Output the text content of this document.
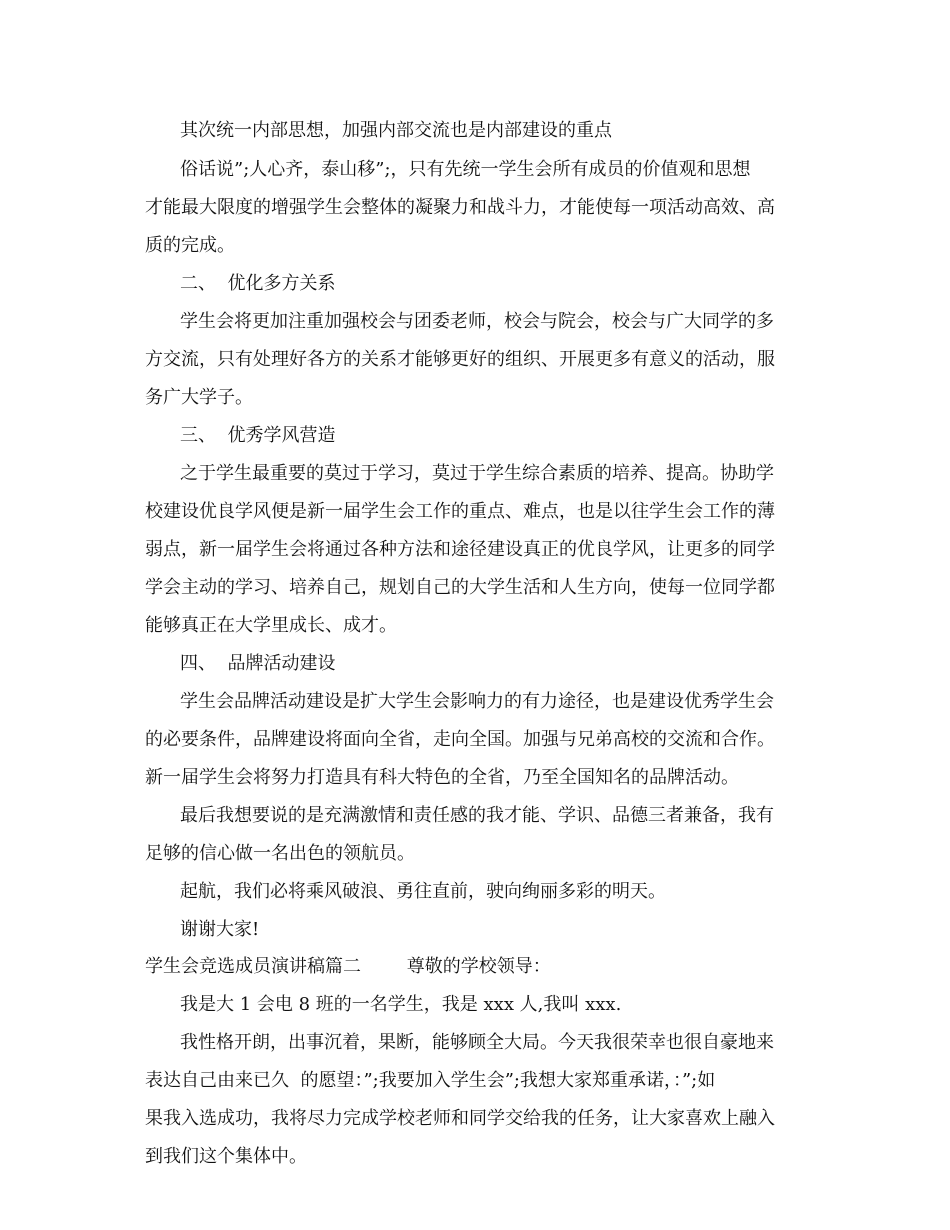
其次统一内部思想，加强内部交流也是内部建设的重点
俗话说”;人心齐，泰山移”;，只有先统一学生会所有成员的价值观和思想
才能最大限度的增强学生会整体的凝聚力和战斗力，才能使每一项活动高效、高
质的完成。
二、  优化多方关系
学生会将更加注重加强校会与团委老师，校会与院会，校会与广大同学的多
方交流，只有处理好各方的关系才能够更好的组织、开展更多有意义的活动，服
务广大学子。
三、  优秀学风营造
之于学生最重要的莫过于学习，莫过于学生综合素质的培养、提高。协助学
校建设优良学风便是新一届学生会工作的重点、难点，也是以往学生会工作的薄
弱点，新一届学生会将通过各种方法和途径建设真正的优良学风，让更多的同学
学会主动的学习、培养自己，规划自己的大学生活和人生方向，使每一位同学都
能够真正在大学里成长、成才。
四、  品牌活动建设
学生会品牌活动建设是扩大学生会影响力的有力途径，也是建设优秀学生会
的必要条件，品牌建设将面向全省，走向全国。加强与兄弟高校的交流和合作。
新一届学生会将努力打造具有科大特色的全省，乃至全国知名的品牌活动。
最后我想要说的是充满激情和责任感的我才能、学识、品德三者兼备，我有
足够的信心做一名出色的领航员。
起航，我们必将乘风破浪、勇往直前，驶向绚丽多彩的明天。
谢谢大家!
学生会竞选成员演讲稿篇二        尊敬的学校领导：
我是大 1 会电 8 班的一名学生，我是 xxx 人,我叫 xxx.
我性格开朗，出事沉着，果断，能够顾全大局。今天我很荣幸也很自豪地来
表达自己由来已久  的愿望：”;我要加入学生会”;我想大家郑重承诺，：”;如
果我入选成功，我将尽力完成学校老师和同学交给我的任务，让大家喜欢上融入
到我们这个集体中。
